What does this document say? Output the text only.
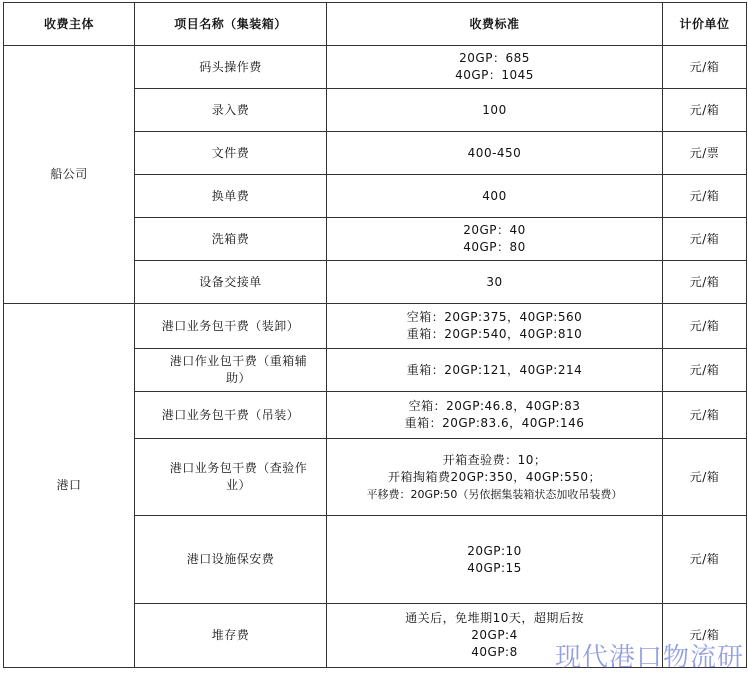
收费主体	项目名称（集装箱）	收费标准	计价单位
船公司	码头操作费	20GP：685
40GP：1045	元/箱

	录入费	100	元/箱

	文件费	400-450	元/票

	换单费	400	元/箱

	洗箱费	20GP：40
40GP：80	元/箱

	设备交接单	30	元/箱
港口	港口业务包干费（装卸）	空箱：20GP:375，40GP:560
重箱：20GP:540，40GP:810	元/箱

	港口作业包干费（重箱辅
助）	重箱：20GP:121，40GP:214	元/箱

	港口业务包干费（吊装）	空箱：20GP:46.8，40GP:83
重箱：20GP:83.6，40GP:146	元/箱

	港口业务包干费（查验作
业）	开箱查验费：10；
开箱掏箱费20GP:350，40GP:550；
平移费：20GP:50（另依据集装箱状态加收吊装费）	元/箱

	港口设施保安费	20GP:10
40GP:15	元/箱

	堆存费	通关后，免堆期10天，超期后按
20GP:4
40GP:8	元/箱
现代港口物流研
